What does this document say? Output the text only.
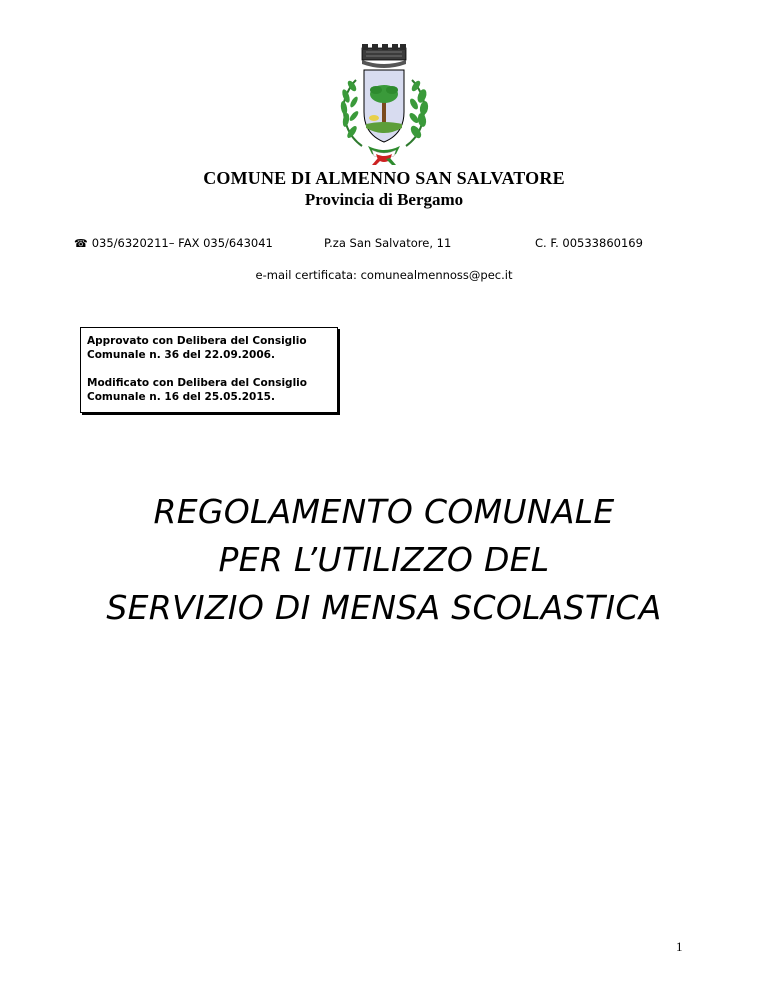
COMUNE DI ALMENNO SAN SALVATORE
Provincia di Bergamo
☎ 035/6320211– FAX 035/643041	P.za San Salvatore, 11	C. F. 00533860169
e-mail certificata: comunealmennoss@pec.it

Approvato con Delibera del Consiglio
Comunale n. 36 del 22.09.2006.

Modificato con Delibera del Consiglio
Comunale n. 16 del 25.05.2015.

REGOLAMENTO COMUNALE
PER L’UTILIZZO DEL
SERVIZIO DI MENSA SCOLASTICA
1
